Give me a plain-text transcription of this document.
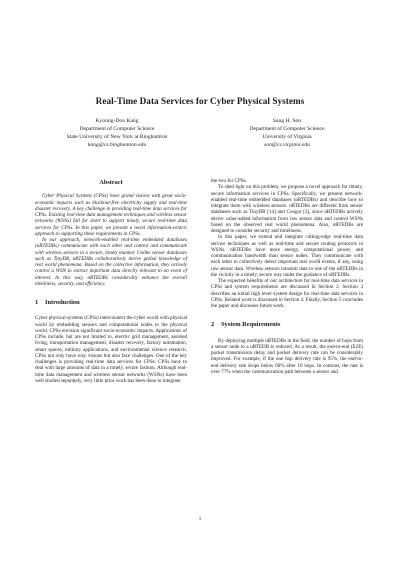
Real-Time Data Services for Cyber Physical Systems
Kyoung-Don Kang
Department of Computer Science
State University of New York at Binghamton
kang@cs.binghamton.edu
Sang H. Son
Department of Computer Science
University of Virginia
son@cs.virginia.edu
Abstract

Cyber Physical Systems (CPSs) have grand visions with great socio-economic impacts such as blackout-free electricity supply and real-time disaster recovery. A key challenge in providing real-time data services for CPSs. Existing real-time data management techniques and wireless sensor networks (WSNs) fall far short to support timely, secure real-time data services for CPSs. In this paper, we present a novel information-centric approach to supporting these requirements in CPSs.

In our approach, network-enabled real-time embedded databases (nRTEDBs) communicate with each other and control and communicate with wireless sensors in a secure, timely manner. Unlike sensor databases such as TinyDB, nRTEDBs collaboratively derive global knowledge of real world phenomena. Based on the collective information, they actively control a WSN to extract important data directly relevant to an event of interest. In this way, nRTEDBs considerably enhance the overall timeliness, security, and efficiency.

1 Introduction

Cyber physical systems (CPSs) interconnect the cyber world with physical world by embedding sensors and computational nodes to the physical world. CPSs envision significant socio-economic impacts. Applications of CPSs include, but are not limited to, electric grid management, assisted living, transportation management, disaster recovery, factory automation, smart spaces, military applications, and environmental science research. CPSs not only have rosy visions but also face challenges. One of the key challenges is providing real-time data services for CPSs: CPSs have to deal with large amounts of data in a timely, secure fashion. Although real-time data management and wireless sensor networks (WSNs) have been well studied separately, very little prior work has been done to integrate

the two for CPSs.

To shed light on this problem, we propose a novel approach for timely, secure information services in CPSs. Specifically, we present network-enabled real-time embedded databases (nRTEDBs) and describe how to integrate them with wireless sensors. nRTEDBs are different from sensor databases such as TinyDB [14] and Cougar [3], since nRTEDBs actively derive value-added information from raw sensor data and control WSNs based on the observed real world phenomena. Also, nRTEDBs are designed to consider security and timeliness.

In this paper, we extend and integrate cutting-edge real-time data service techniques as well as real-time and secure routing protocols in WSNs. nRTEDBs have more energy, computational power, and communication bandwidth than sensor nodes. They communicate with each other to collectively detect important real world events, if any, using raw sensor data. Wireless sensors transmit data to one of the nRTEDBs in the vicinity in a timely, secure way under the guidance of nRTEDBs.

The expected benefits of our architecture for real-time data services in CPSs and system requirements are discussed in Section 2. Section 3 describes an initial high level system design for real-time data services in CPSs. Related work is discussed in Section 4. Finally, Section 5 concludes the paper and discusses future work.

2 System Requirements

By deploying multiple nRTEDBs in the field, the number of hops from a sensor node to a nRTEDB is reduced. As a result, the end-to-end (E2E) packet transmission delay and packet delivery rate can be considerably improved. For example, if the one hop delivery rate is 95%, the end-to-end delivery rate drops below 60% after 10 hops. In contrast, the rate is over 77% when the communication path between a sensor and

1
